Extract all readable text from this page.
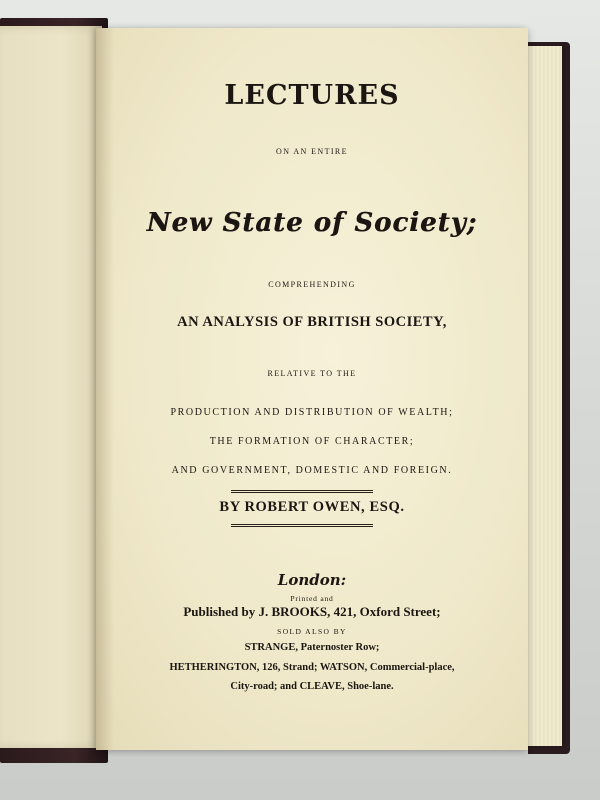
LECTURES
ON AN ENTIRE
New State of Society;
COMPREHENDING
AN ANALYSIS OF BRITISH SOCIETY,
RELATIVE TO THE
PRODUCTION AND DISTRIBUTION OF WEALTH;
THE FORMATION OF CHARACTER;
AND GOVERNMENT, DOMESTIC AND FOREIGN.
BY ROBERT OWEN, ESQ.
London:
Printed and
Published by J. BROOKS, 421, Oxford Street;
SOLD ALSO BY
STRANGE, Paternoster Row;
HETHERINGTON, 126, Strand; WATSON, Commercial-place,
City-road; and CLEAVE, Shoe-lane.
